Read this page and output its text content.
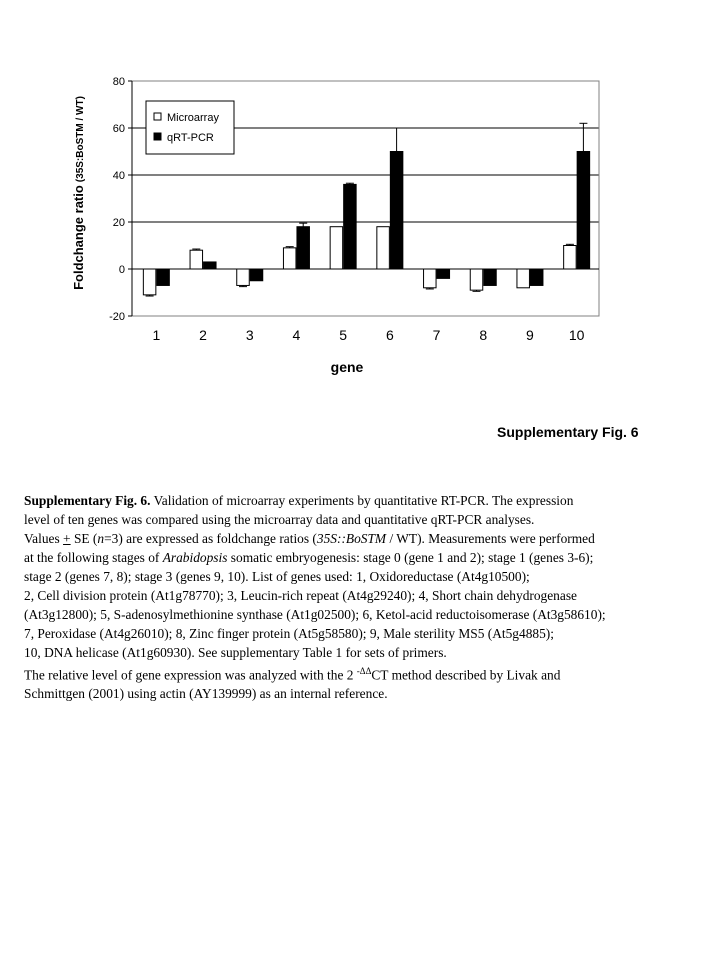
80
60
40
20
0
-20
1	2	3	4	5	6	7	8	9	10
Foldchange ratio(35S:BoSTM / WT)
gene
Microarray
qRT-PCR
Supplementary Fig. 6
Supplementary Fig. 6. Validation of microarray experiments by quantitative RT-PCR. The expression
level of ten genes was compared using the microarray data and quantitative qRT-PCR analyses.
Values + SE (n=3) are expressed as foldchange ratios (35S::BoSTM / WT). Measurements were performed
at the following stages of Arabidopsis somatic embryogenesis: stage 0 (gene 1 and 2); stage 1 (genes 3-6);
stage 2 (genes 7, 8); stage 3 (genes 9, 10). List of genes used: 1, Oxidoreductase (At4g10500);
2, Cell division protein (At1g78770); 3, Leucin-rich repeat (At4g29240); 4, Short chain dehydrogenase
(At3g12800); 5, S-adenosylmethionine synthase (At1g02500); 6, Ketol-acid reductoisomerase (At3g58610);
7, Peroxidase (At4g26010); 8, Zinc finger protein (At5g58580); 9, Male sterility MS5 (At5g4885);
10, DNA helicase (At1g60930). See supplementary Table 1 for sets of primers.
The relative level of gene expression was analyzed with the 2 $^{-\Delta\Delta}$CT method described by Livak and
Schmittgen (2001) using actin (AY139999) as an internal reference.
